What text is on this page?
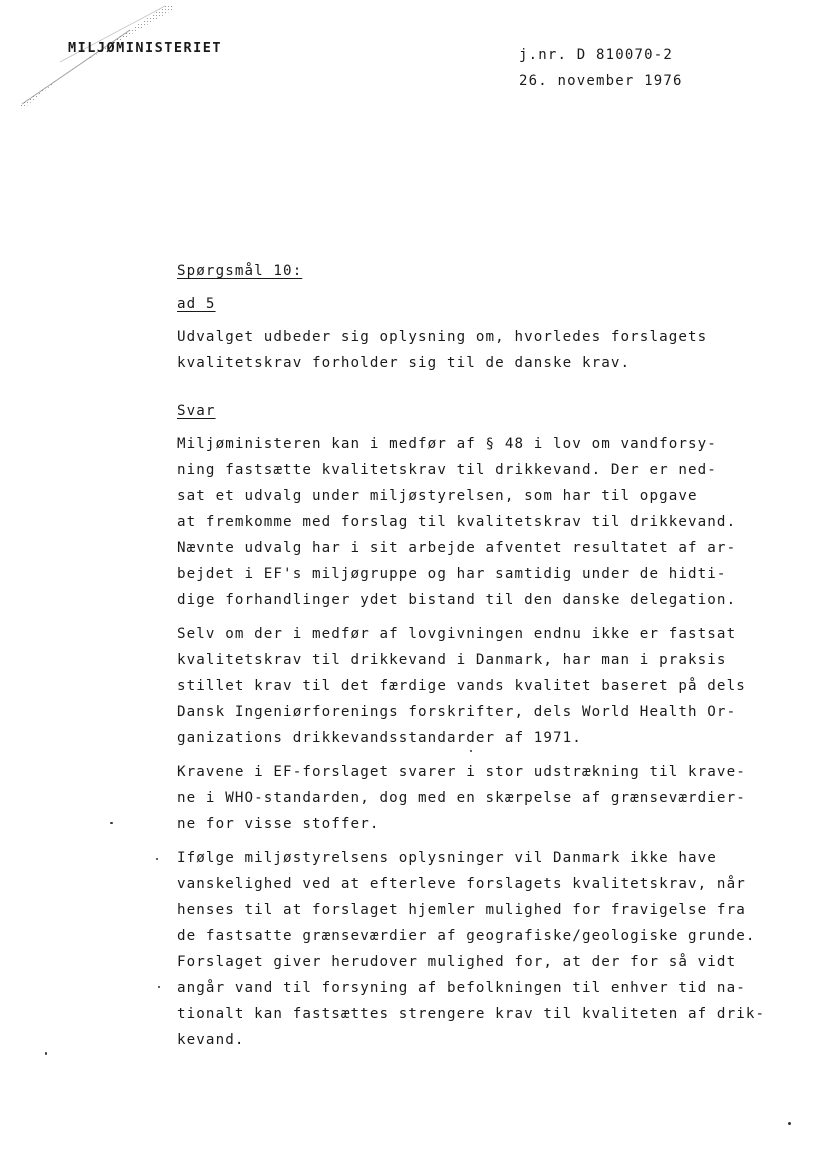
MILJØMINISTERIET	j.nr. D 810070-2
26. november 1976
Spørgsmål 10:
ad 5
Udvalget udbeder sig oplysning om, hvorledes forslagets
kvalitetskrav forholder sig til de danske krav.
Svar
Miljøministeren kan i medfør af § 48 i lov om vandforsy-
ning fastsætte kvalitetskrav til drikkevand. Der er ned-
sat et udvalg under miljøstyrelsen, som har til opgave
at fremkomme med forslag til kvalitetskrav til drikkevand.
Nævnte udvalg har i sit arbejde afventet resultatet af ar-
bejdet i EF's miljøgruppe og har samtidig under de hidti-
dige forhandlinger ydet bistand til den danske delegation.
Selv om der i medfør af lovgivningen endnu ikke er fastsat
kvalitetskrav til drikkevand i Danmark, har man i praksis
stillet krav til det færdige vands kvalitet baseret på dels
Dansk Ingeniørforenings forskrifter, dels World Health Or-
ganizations drikkevandsstandarder af 1971.
Kravene i EF-forslaget svarer i stor udstrækning til krave-
ne i WHO-standarden, dog med en skærpelse af grænseværdier-
ne for visse stoffer.
Ifølge miljøstyrelsens oplysninger vil Danmark ikke have
vanskelighed ved at efterleve forslagets kvalitetskrav, når
henses til at forslaget hjemler mulighed for fravigelse fra
de fastsatte grænseværdier af geografiske/geologiske grunde.
Forslaget giver herudover mulighed for, at der for så vidt
angår vand til forsyning af befolkningen til enhver tid na-
tionalt kan fastsættes strengere krav til kvaliteten af drik-
kevand.
